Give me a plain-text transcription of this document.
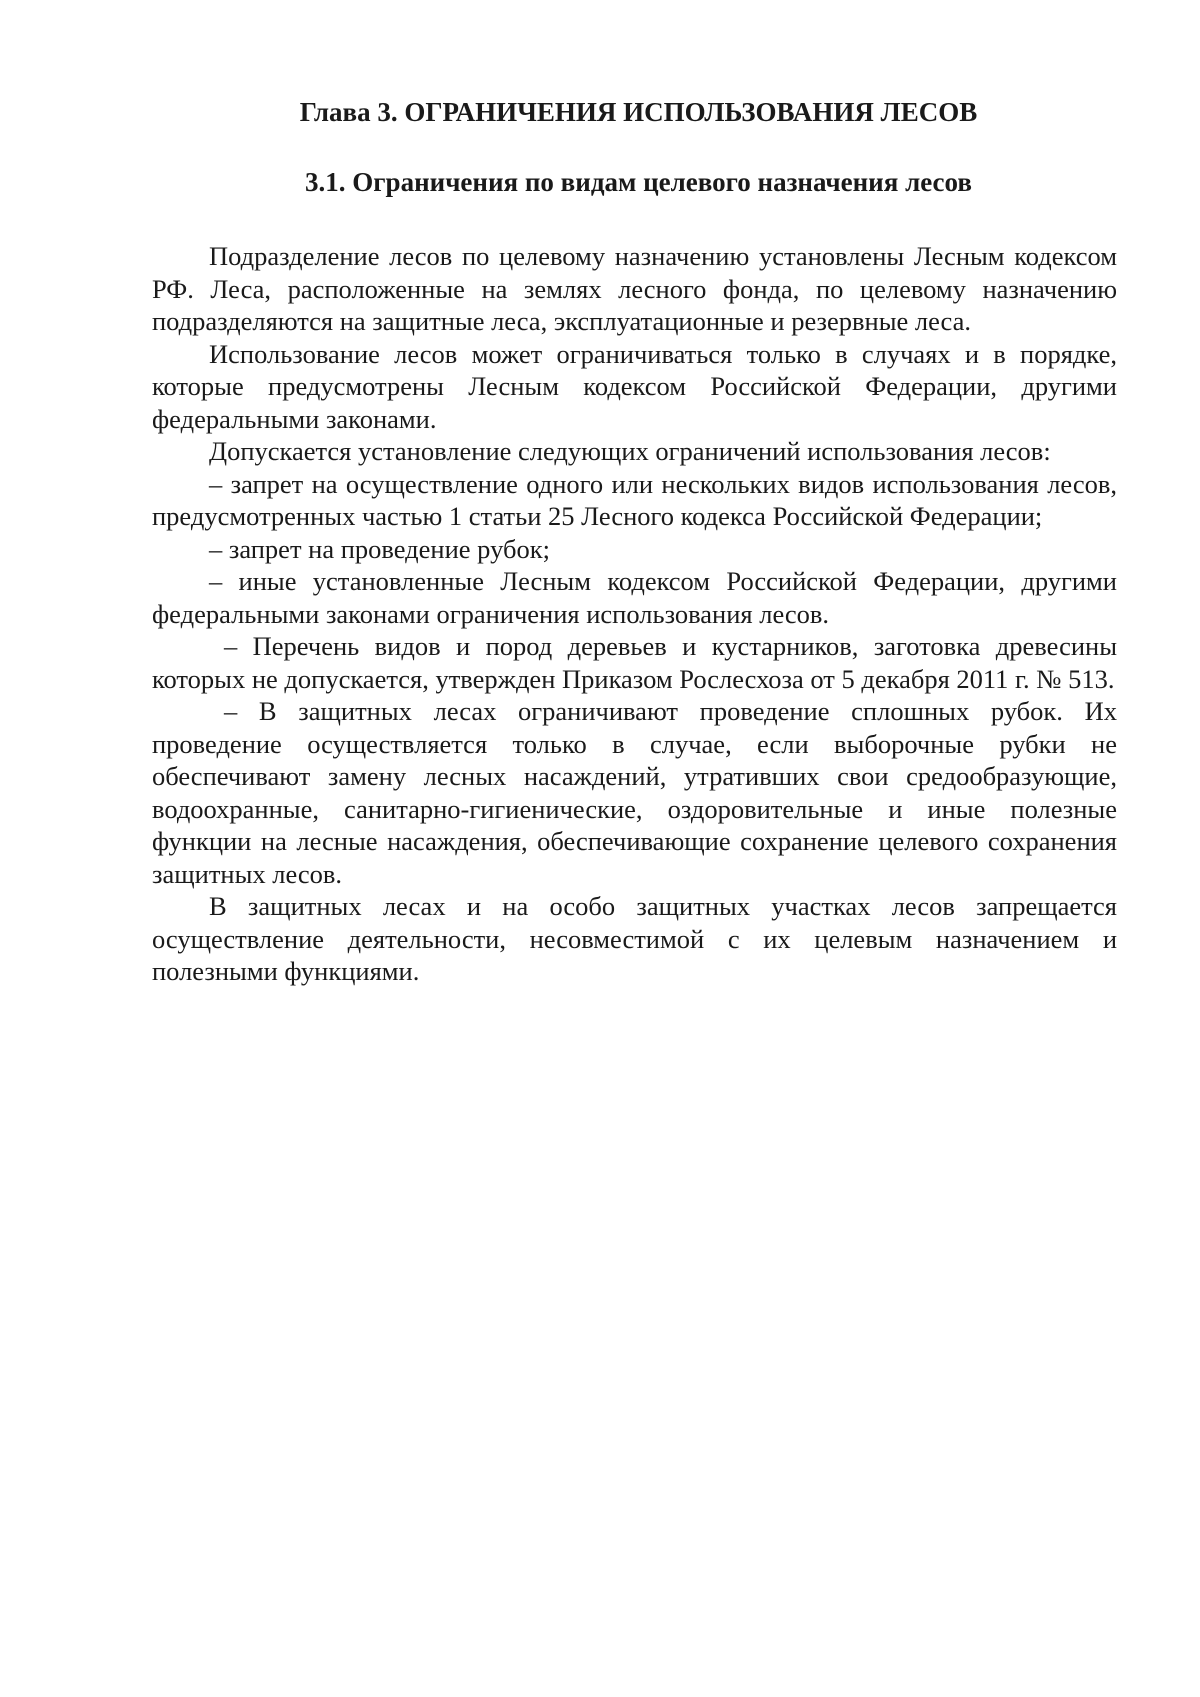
Глава 3. ОГРАНИЧЕНИЯ ИСПОЛЬЗОВАНИЯ ЛЕСОВ
3.1. Ограничения по видам целевого назначения лесов

Подразделение лесов по целевому назначению установлены Лесным кодексом РФ. Леса, расположенные на землях лесного фонда, по целевому назначению подразделяются на защитные леса, эксплуатационные и резервные леса.

Использование лесов может ограничиваться только в случаях и в порядке, которые предусмотрены Лесным кодексом Российской Федерации, другими федеральными законами.

Допускается установление следующих ограничений использования лесов:

– запрет на осуществление одного или нескольких видов использования лесов, предусмотренных частью 1 статьи 25 Лесного кодекса Российской Федерации;

– запрет на проведение рубок;

– иные установленные Лесным кодексом Российской Федерации, другими федеральными законами ограничения использования лесов.

– Перечень видов и пород деревьев и кустарников, заготовка древесины которых не допускается, утвержден Приказом Рослесхоза от 5 декабря 2011 г. № 513.

– В защитных лесах ограничивают проведение сплошных рубок. Их проведение осуществляется только в случае, если выборочные рубки не обеспечивают замену лесных насаждений, утративших свои средообразующие, водоохранные, санитарно-гигиенические, оздоровительные и иные полезные функции на лесные насаждения, обеспечивающие сохранение целевого сохранения защитных лесов.

В защитных лесах и на особо защитных участках лесов запрещается осуществление деятельности, несовместимой с их целевым назначением и полезными функциями.
